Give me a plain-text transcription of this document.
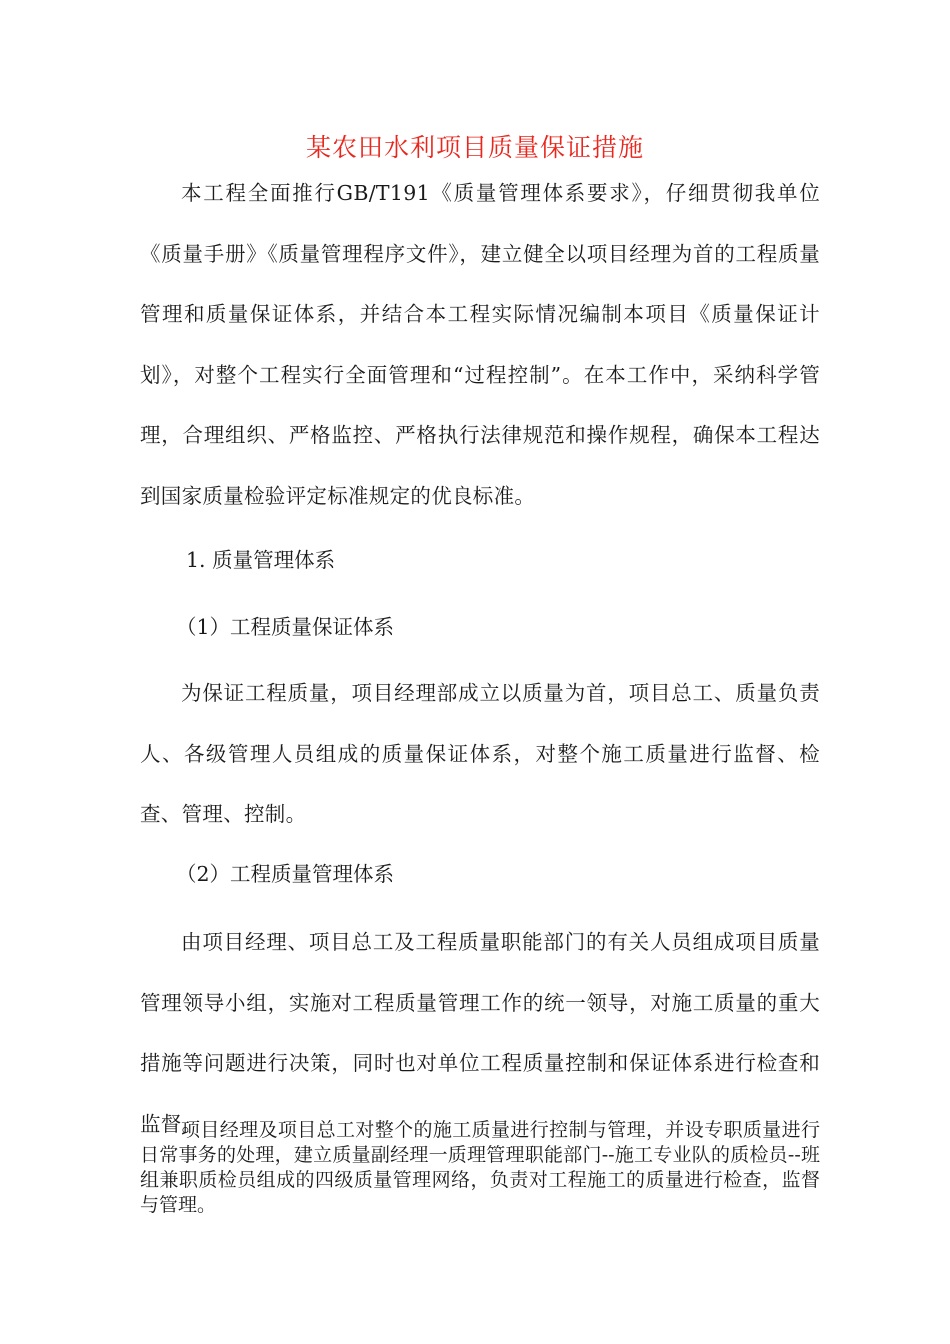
某农田水利项目质量保证措施

本工程全面推行GB/T191《质量管理体系要求》，仔细贯彻我单位《质量手册》《质量管理程序文件》，建立健全以项目经理为首的工程质量管理和质量保证体系，并结合本工程实际情况编制本项目《质量保证计划》，对整个工程实行全面管理和“过程控制”。在本工作中，采纳科学管理，合理组织、严格监控、严格执行法律规范和操作规程，确保本工程达到国家质量检验评定标准规定的优良标准。

1. 质量管理体系
（1）工程质量保证体系

为保证工程质量，项目经理部成立以质量为首，项目总工、质量负责人、各级管理人员组成的质量保证体系，对整个施工质量进行监督、检查、管理、控制。

（2）工程质量管理体系

由项目经理、项目总工及工程质量职能部门的有关人员组成项目质量管理领导小组，实施对工程质量管理工作的统一领导，对施工质量的重大措施等问题进行决策，同时也对单位工程质量控制和保证体系进行检查和监督。

项目经理及项目总工对整个的施工质量进行控制与管理，并设专职质量进行日常事务的处理，建立质量副经理一质理管理职能部门--施工专业队的质检员--班组兼职质检员组成的四级质量管理网络，负责对工程施工的质量进行检查，监督与管理。
